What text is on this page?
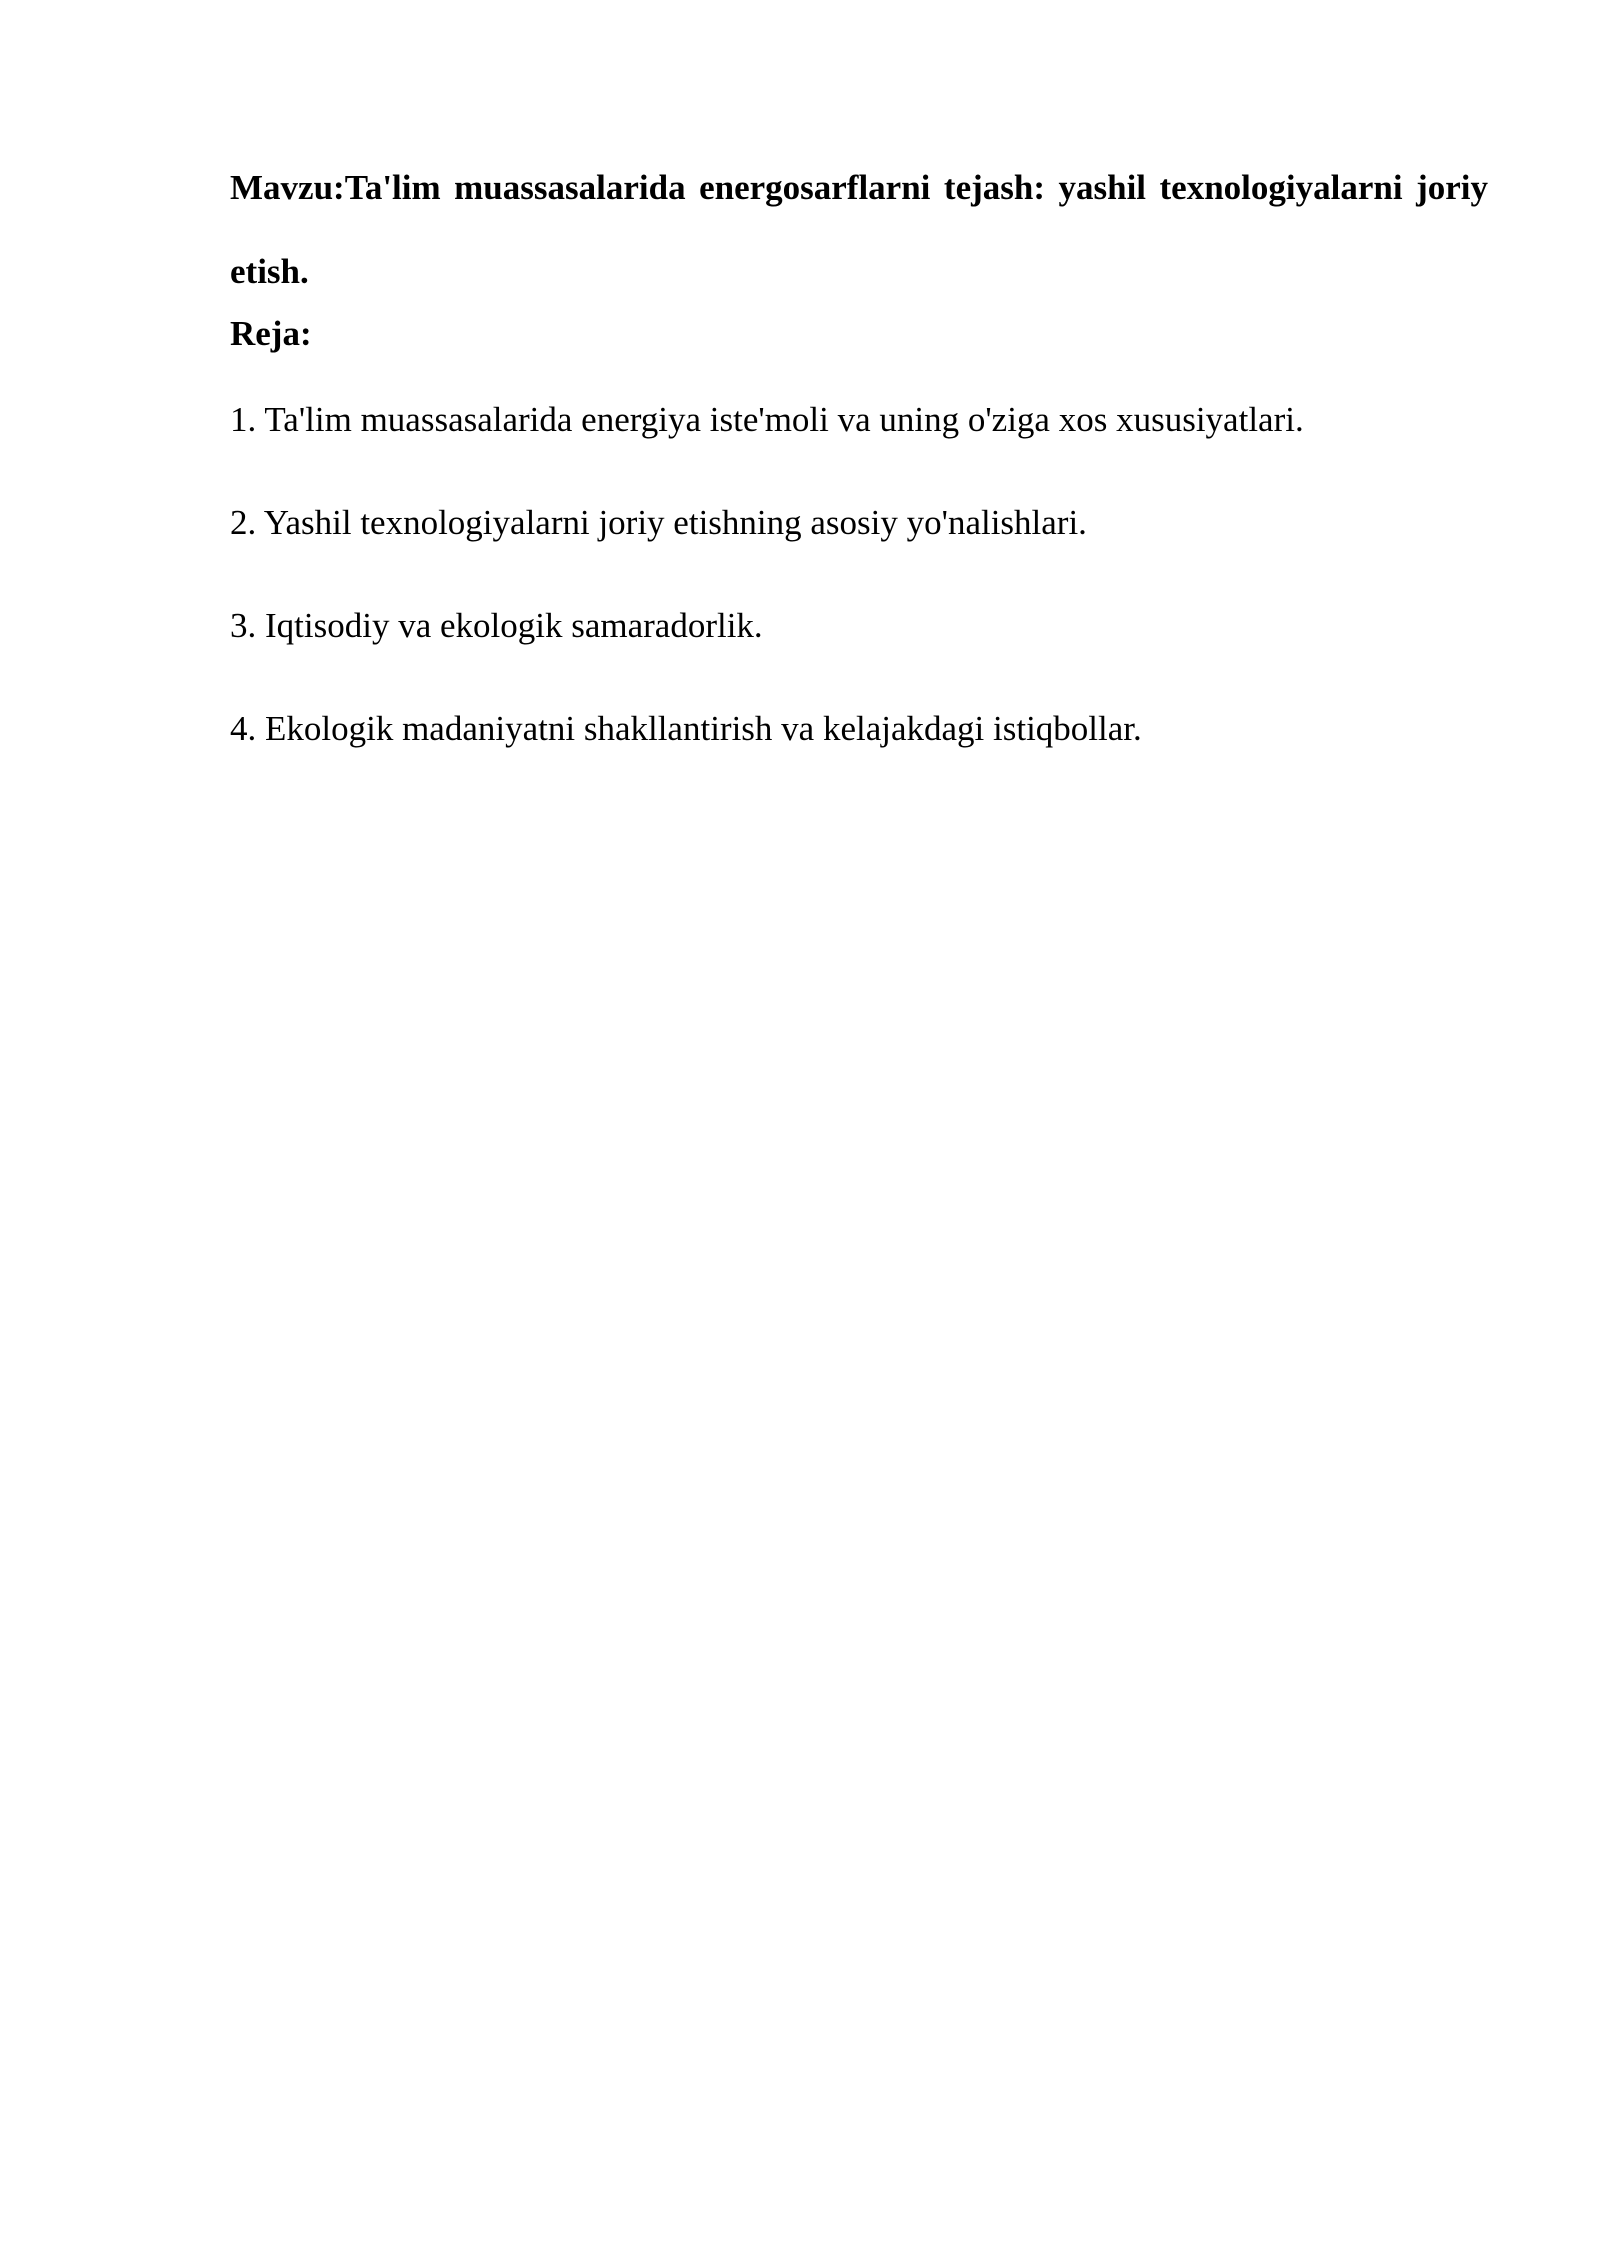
Mavzu:Ta'lim muassasalarida energosarflarni tejash: yashil texnologiyalarni joriy etish.

Reja:

1. Ta'lim muassasalarida energiya iste'moli va uning o'ziga xos xususiyatlari.
2. Yashil texnologiyalarni joriy etishning asosiy yo'nalishlari.
3. Iqtisodiy va ekologik samaradorlik.
4. Ekologik madaniyatni shakllantirish va kelajakdagi istiqbollar.
